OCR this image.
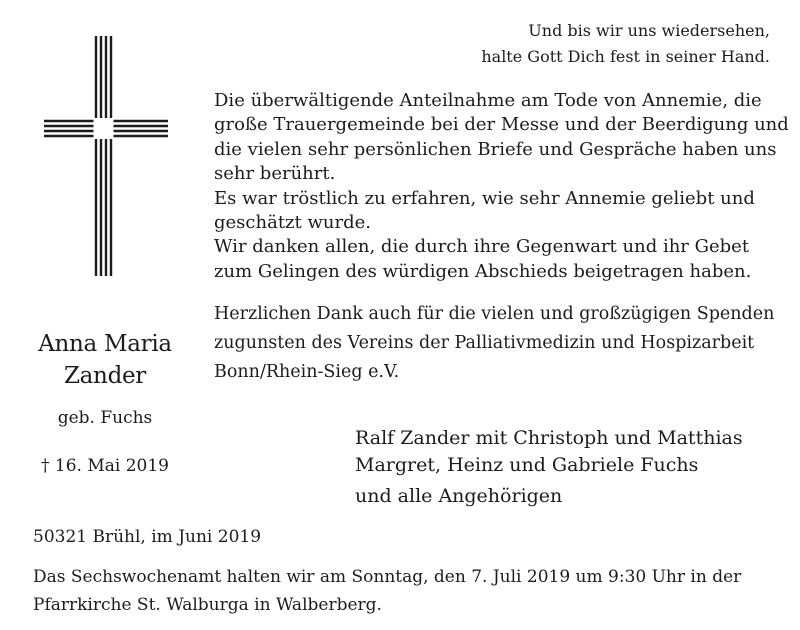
Und bis wir uns wiedersehen,
halte Gott Dich fest in seiner Hand.

Die überwältigende Anteilnahme am Tode von Annemie, die
große Trauergemeinde bei der Messe und der Beerdigung und
die vielen sehr persönlichen Briefe und Gespräche haben uns
sehr berührt.

Es war tröstlich zu erfahren, wie sehr Annemie geliebt und
geschätzt wurde.

Wir danken allen, die durch ihre Gegenwart und ihr Gebet
zum Gelingen des würdigen Abschieds beigetragen haben.

Herzlichen Dank auch für die vielen und großzügigen Spenden
zugunsten des Vereins der Palliativmedizin und Hospizarbeit
Bonn/Rhein-Sieg e.V.
Anna Maria
Zander
geb. Fuchs
† 16. Mai 2019
Ralf Zander mit Christoph und Matthias
Margret, Heinz und Gabriele Fuchs
und alle Angehörigen
50321 Brühl, im Juni 2019
Das Sechswochenamt halten wir am Sonntag, den 7. Juli 2019 um 9:30 Uhr in der
Pfarrkirche St. Walburga in Walberberg.
